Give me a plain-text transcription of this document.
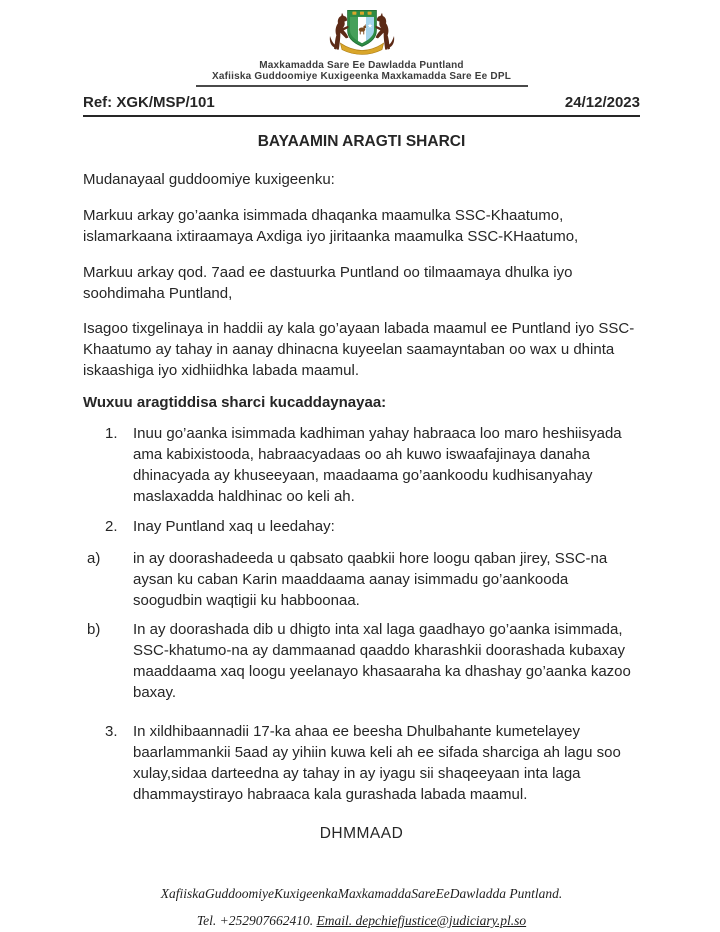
Maxkamadda Sare Ee Dawladda Puntland
Xafiiska Guddoomiye Kuxigeenka Maxkamadda Sare Ee DPL
Ref: XGK/MSP/101	24/12/2023
BAYAAMIN ARAGTI SHARCI

Mudanayaal guddoomiye kuxigeenku:

Markuu arkay go’aanka isimmada dhaqanka maamulka SSC-Khaatumo, islamarkaana ixtiraamaya Axdiga iyo jiritaanka maamulka SSC-KHaatumo,

Markuu arkay qod. 7aad ee dastuurka Puntland oo tilmaamaya dhulka iyo soohdimaha Puntland,

Isagoo tixgelinaya in haddii ay kala go’ayaan labada maamul ee Puntland iyo SSC-Khaatumo ay tahay in aanay dhinacna kuyeelan saamayntaban oo wax u dhinta iskaashiga iyo xidhiidhka labada maamul.

Wuxuu aragtiddisa sharci kucaddaynayaa:
1.	Inuu go’aanka isimmada kadhiman yahay habraaca loo maro heshiisyada ama kabixistooda, habraacyadaas oo ah kuwo iswaafajinaya danaha dhinacyada ay khuseeyaan, maadaama go’aankoodu kudhisanyahay maslaxadda haldhinac oo keli ah.
2.	Inay Puntland xaq u leedahay:
a)	in ay doorashadeeda u qabsato qaabkii hore loogu qaban jirey, SSC-na aysan ku caban Karin maaddaama aanay isimmadu go’aankooda soogudbin waqtigii ku habboonaa.
b)	In ay doorashada dib u dhigto inta xal laga gaadhayo go’aanka isimmada, SSC-khatumo-na ay dammaanad qaaddo kharashkii doorashada kubaxay maaddaama xaq loogu yeelanayo khasaaraha ka dhashay go’aanka kazoo baxay.
3.	In xildhibaannadii 17-ka ahaa ee beesha Dhulbahante kumetelayey baarlammankii 5aad ay yihiin kuwa keli ah ee sifada sharciga ah lagu soo xulay,sidaa darteedna ay tahay in ay iyagu sii shaqeeyaan inta laga dhammaystirayo habraaca kala gurashada labada maamul.
DHMMAAD
XafiiskaGuddoomiyeKuxigeenkaMaxkamaddaSareEeDawladda Puntland.
Tel. +252907662410. Email. depchiefjustice@judiciary.pl.so
